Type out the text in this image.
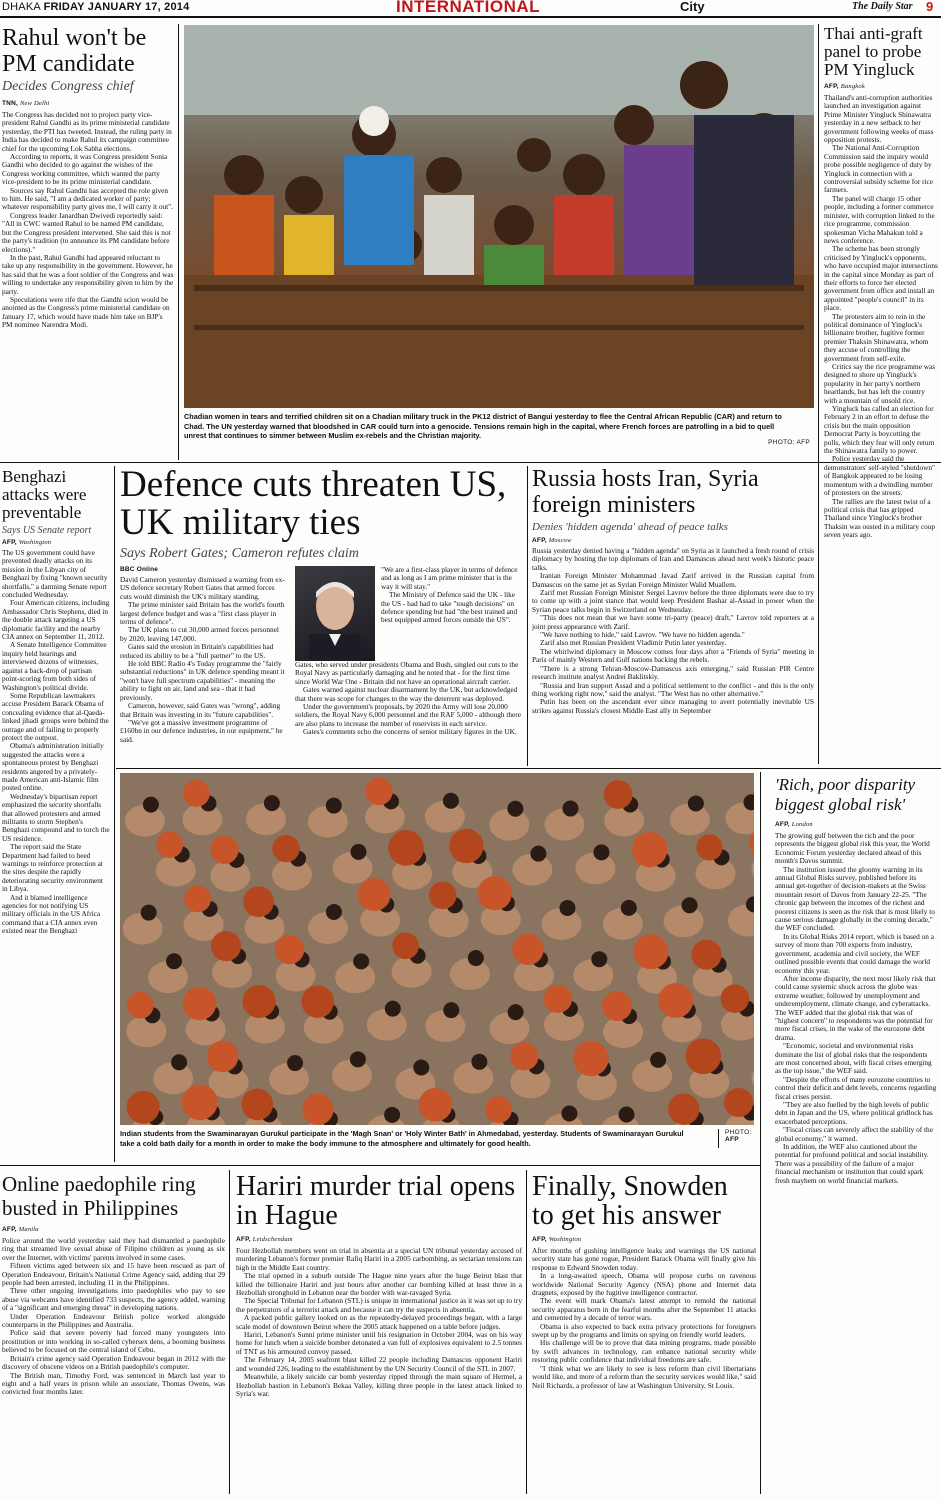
DHAKA FRIDAY JANUARY 17, 2014	INTERNATIONAL	City	The Daily Star 9
Rahul won't be PM candidate
Decides Congress chief
TNN, New Delhi

The Congress has decided not to project party vice-president Rahul Gandhi as its prime ministerial candidate yesterday, the PTI has tweeted. Instead, the ruling party in India has decided to make Rahul its campaign committee chief for the upcoming Lok Sabha elections.

According to reports, it was Congress president Sonia Gandhi who decided to go against the wishes of the Congress working committee, which wanted the party vice-president to be its prime ministerial candidate.

Sources say Rahul Gandhi has accepted the role given to him. He said, "I am a dedicated worker of party; whatever responsibility party gives me, I will carry it out".

Congress leader Janardhan Dwivedi reportedly said: "All in CWC wanted Rahul to be named PM candidate, but the Congress president intervened. She said this is not the party's tradition (to announce its PM candidate before elections)."

In the past, Rahul Gandhi had appeared reluctant to take up any responsibility in the government. However, he has said that he was a foot soldier of the Congress and was willing to undertake any responsibility given to him by the party.

Speculations were rife that the Gandhi scion would be anointed as the Congress's prime ministerial candidate on January 17, which would have made him take on BJP's PM nominee Narendra Modi.

Chadian women in tears and terrified children sit on a Chadian military truck in the PK12 district of Bangui yesterday to flee the Central African Republic (CAR) and return to Chad. The UN yesterday warned that bloodshed in CAR could turn into a genocide. Tensions remain high in the capital, where French forces are patrolling in a bid to quell unrest that continues to simmer between Muslim ex-rebels and the Christian majority.
PHOTO: AFP
Thai anti-graft panel to probe PM Yingluck
AFP, Bangkok

Thailand's anti-corruption authorities launched an investigation against Prime Minister Yingluck Shinawatra yesterday in a new setback to her government following weeks of mass opposition protests.

The National Anti-Corruption Commission said the inquiry would probe possible negligence of duty by Yingluck in connection with a controversial subsidy scheme for rice farmers.

The panel will charge 15 other people, including a former commerce minister, with corruption linked to the rice programme, commission spokesman Vicha Mahakun told a news conference.

The scheme has been strongly criticised by Yingluck's opponents, who have occupied major intersections in the capital since Monday as part of their efforts to force her elected government from office and install an appointed "people's council" in its place.

The protesters aim to rein in the political dominance of Yingluck's billionaire brother, fugitive former premier Thaksin Shinawatra, whom they accuse of controlling the government from self-exile.

Critics say the rice programme was designed to shore up Yingluck's popularity in her party's northern heartlands, but has left the country with a mountain of unsold rice.

Yingluck has called an election for February 2 in an effort to defuse the crisis but the main opposition Democrat Party is boycotting the polls, which they fear will only return the Shinawatra family to power.

Police yesterday said the demonstrators' self-styled "shutdown" of Bangkok appeared to be losing momentum with a dwindling number of protesters on the streets.

The rallies are the latest twist of a political crisis that has gripped Thailand since Yingluck's brother Thaksin was ousted in a military coup seven years ago.

Benghazi attacks were preventable
Says US Senate report
AFP, Washington

The US government could have prevented deadly attacks on its mission in the Libyan city of Benghazi by fixing "known security shortfalls," a damning Senate report concluded Wednesday.

Four American citizens, including Ambassador Chris Stephens, died in the double attack targeting a US diplomatic facility and the nearby CIA annex on September 11, 2012.

A Senate Intelligence Committee inquiry held hearings and interviewed dozens of witnesses, against a back-drop of partisan point-scoring from both sides of Washington's political divide.

Some Republican lawmakers accuse President Barack Obama of concealing evidence that al-Qaeda-linked jihadi groups were behind the outrage and of failing to properly protect the outpost.

Obama's administration initially suggested the attacks were a spontaneous protest by Benghazi residents angered by a privately-made American anti-Islamic film posted online.

Wednesday's bipartisan report emphasized the security shortfalls that allowed protesters and armed militants to storm Stephen's Benghazi compound and to torch the US residence.

The report said the State Department had failed to heed warnings to reinforce protection at the sites despite the rapidly deteriorating security environment in Libya.

And it blamed intelligence agencies for not notifying US military officials in the US Africa command that a CIA annex even existed near the Benghazi

Defence cuts threaten US, UK military ties
Says Robert Gates; Cameron refutes claim
BBC Online

David Cameron yesterday dismissed a warning from ex-US defence secretary Robert Gates that armed forces cuts would diminish the UK's military standing.

The prime minister said Britain has the world's fourth largest defence budget and was a "first class player in terms of defence".

The UK plans to cut 30,000 armed forces personnel by 2020, leaving 147,000.

Gates said the erosion in Britain's capabilities had reduced its ability to be a "full partner" to the US.

He told BBC Radio 4's Today programme the "fairly substantial reductions" in UK defence spending meant it "won't have full spectrum capabilities" - meaning the ability to fight on air, land and sea - that it had previously.

Cameron, however, said Gates was "wrong", adding that Britain was investing in its "future capabilities".

"We've got a massive investment programme of £160bn in our defence industries, in our equipment," he said.

"We are a first-class player in terms of defence and as long as I am prime minister that is the way it will stay."

The Ministry of Defence said the UK - like the US - had had to take "tough decisions" on defence spending but had "the best trained and best equipped armed forces outside the US".

Gates, who served under presidents Obama and Bush, singled out cuts to the Royal Navy as particularly damaging and he noted that - for the first time since World War One - Britain did not have an operational aircraft carrier.

Gates warned against nuclear disarmament by the UK, but acknowledged that there was scope for changes to the way the deterrent was deployed.

Under the government's proposals, by 2020 the Army will lose 20,000 soldiers, the Royal Navy 6,000 personnel and the RAF 5,000 - although there are also plans to increase the number of reservists in each service.

Gates's comments echo the concerns of senior military figures in the UK.

Russia hosts Iran, Syria foreign ministers
Denies 'hidden agenda' ahead of peace talks
AFP, Moscow

Russia yesterday denied having a "hidden agenda" on Syria as it launched a fresh round of crisis diplomacy by hosting the top diplomats of Iran and Damascus ahead next week's historic peace talks.

Iranian Foreign Minister Mohammad Javad Zarif arrived in the Russian capital from Damascus on the same jet as Syrian Foreign Minister Walid Muallem.

Zarif met Russian Foreign Minister Sergei Lavrov before the three diplomats were due to try to come up with a joint stance that would keep President Bashar al-Assad in power when the Syrian peace talks begin in Switzerland on Wednesday.

"This does not mean that we have some tri-party (peace) draft," Lavrov told reporters at a joint press appearance with Zarif.

"We have nothing to hide," said Lavrov. "We have no hidden agenda."

Zarif also met Russian President Vladimir Putin later yesterday.

The whirlwind diplomacy in Moscow comes four days after a "Friends of Syria" meeting in Paris of mainly Western and Gulf nations backing the rebels.

"There is a strong Tehran-Moscow-Damascus axis emerging," said Russian PIR Centre research institute analyst Andrei Baklitskiy.

"Russia and Iran support Assad and a political settlement to the conflict - and this is the only thing working right now," said the analyst. "The West has no other alternative."

Putin has been on the ascendant ever since managing to avert potentially inevitable US strikes against Russia's closest Middle East ally in September

Indian students from the Swaminarayan Gurukul participate in the 'Magh Snan' or 'Holy Winter Bath' in Ahmedabad, yesterday. Students of Swaminarayan Gurukul take a cold bath daily for a month in order to make the body immune to the atmosphere and ultimately for good health.
PHOTO:
AFP
'Rich, poor disparity biggest global risk'
AFP, London

The growing gulf between the rich and the poor represents the biggest global risk this year, the World Economic Forum yesterday declared ahead of this month's Davos summit.

The institution issued the gloomy warning in its annual Global Risks survey, published before its annual get-together of decision-makers at the Swiss mountain resort of Davos from January 22-25. "The chronic gap between the incomes of the richest and poorest citizens is seen as the risk that is most likely to cause serious damage globally in the coming decade," the WEF concluded.

In its Global Risks 2014 report, which is based on a survey of more than 700 experts from industry, government, academia and civil society, the WEF outlined possible events that could damage the world economy this year.

After income disparity, the next most likely risk that could cause systemic shock across the globe was extreme weather, followed by unemployment and underemployment, climate change, and cyberattacks. The WEF added that the global risk that was of "highest concern" to respondents was the potential for more fiscal crises, in the wake of the eurozone debt drama.

"Economic, societal and environmental risks dominate the list of global risks that the respondents are most concerned about, with fiscal crises emerging as the top issue," the WEF said.

"Despite the efforts of many eurozone countries to control their deficit and debt levels, concerns regarding fiscal crises persist.

"They are also fuelled by the high levels of public debt in Japan and the US, where political gridlock has exacerbated perceptions.

"Fiscal crises can severely affect the stability of the global economy," it warned.

In addition, the WEF also cautioned about the potential for profound political and social instability. There was a possibility of the failure of a major financial mechanism or institution that could spark fresh mayhem on world financial markets.

Online paedophile ring busted in Philippines
AFP, Manila

Police around the world yesterday said they had dismantled a paedophile ring that streamed live sexual abuse of Filipino children as young as six over the Internet, with victims' parents involved in some cases.

Fifteen victims aged between six and 15 have been rescued as part of Operation Endeavour, Britain's National Crime Agency said, adding that 29 people had been arrested, including 11 in the Philippines.

Three other ongoing investigations into paedophiles who pay to see abuse via webcams have identified 733 suspects, the agency added, warning of a "significant and emerging threat" in developing nations.

Under Operation Endeavour British police worked alongside counterparts in the Philippines and Australia.

Police said that severe poverty had forced many youngsters into prostitution or into working in so-called cybersex dens, a booming business believed to be focused on the central island of Cebu.

Britain's crime agency said Operation Endeavour began in 2012 with the discovery of obscene videos on a British paedophile's computer.

The British man, Timothy Ford, was sentenced in March last year to eight and a half years in prison while an associate, Thomas Owens, was convicted four months later.

Hariri murder trial opens in Hague
AFP, Leidschendam

Four Hezbollah members went on trial in absentia at a special UN tribunal yesterday accused of murdering Lebanon's former premier Rafiq Hariri in a 2005 carbombing, as sectarian tensions ran high in the Middle East country.

The trial opened in a suburb outside The Hague nine years after the huge Beirut blast that killed the billionaire Hariri and just hours after another car bombing killed at least three in a Hezbollah stronghold in Lebanon near the border with war-ravaged Syria.

The Special Tribunal for Lebanon (STL) is unique in international justice as it was set up to try the perpetrators of a terrorist attack and because it can try the suspects in absentia.

A packed public gallery looked on as the repeatedly-delayed proceedings began, with a large scale model of downtown Beirut where the 2005 attack happened on a table before judges.

Hariri, Lebanon's Sunni prime minister until his resignation in October 2004, was on his way home for lunch when a suicide bomber detonated a van full of explosives equivalent to 2.5 tonnes of TNT as his armoured convoy passed.

The February 14, 2005 seafront blast killed 22 people including Damascus opponent Hariri and wounded 226, leading to the establishment by the UN Security Council of the STL in 2007.

Meanwhile, a likely suicide car bomb yesterday ripped through the main square of Hermel, a Hezbollah bastion in Lebanon's Bekaa Valley, killing three people in the latest attack linked to Syria's war.

Finally, Snowden to get his answer
AFP, Washington

After months of gushing intelligence leaks and warnings the US national security state has gone rogue, President Barack Obama will finally give his response to Edward Snowden today.

In a long-awaited speech, Obama will propose curbs on ravenous worldwide National Security Agency (NSA) phone and Internet data dragnets, exposed by the fugitive intelligence contractor.

The event will mark Obama's latest attempt to remold the national security apparatus born in the fearful months after the September 11 attacks and cemented by a decade of terror wars.

Obama is also expected to back extra privacy protections for foreigners swept up by the programs and limits on spying on friendly world leaders.

His challenge will be to prove that data mining programs, made possible by swift advances in technology, can enhance national security while restoring public confidence that individual freedoms are safe.

"I think what we are likely to see is less reform than civil libertarians would like, and more of a reform than the security services would like," said Neil Richards, a professor of law at Washington University, St Louis.
